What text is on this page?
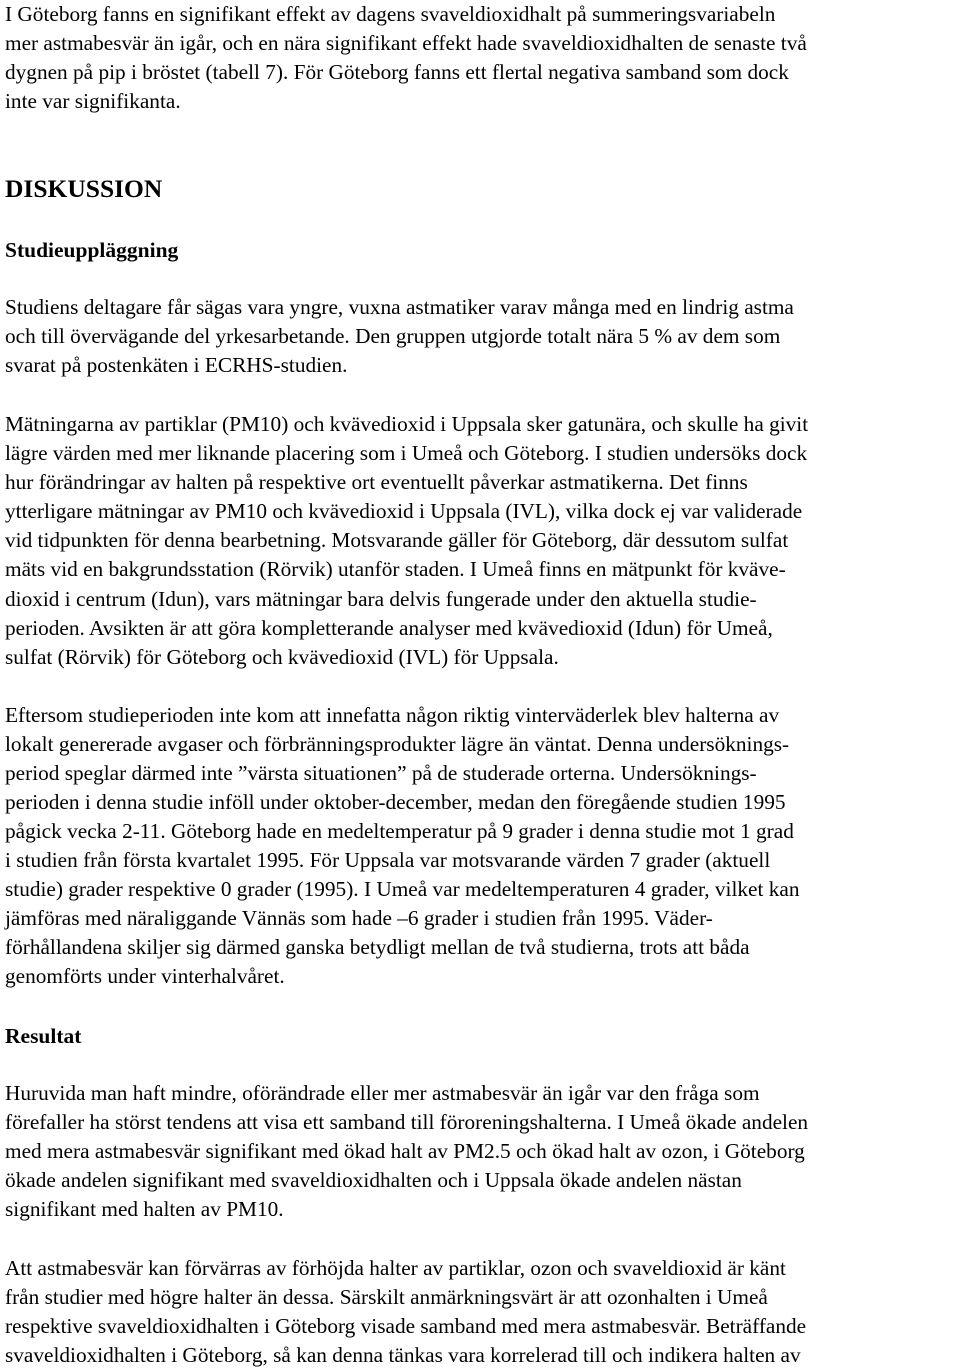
I Göteborg fanns en signifikant effekt av dagens svaveldioxidhalt på summeringsvariabeln
mer astmabesvär än igår, och en nära signifikant effekt hade svaveldioxidhalten de senaste två
dygnen på pip i bröstet (tabell 7). För Göteborg fanns ett flertal negativa samband som dock
inte var signifikanta.
DISKUSSION
Studieuppläggning
Studiens deltagare får sägas vara yngre, vuxna astmatiker varav många med en lindrig astma
och till övervägande del yrkesarbetande. Den gruppen utgjorde totalt nära 5 % av dem som
svarat på postenkäten i ECRHS-studien.
Mätningarna av partiklar (PM10) och kvävedioxid i Uppsala sker gatunära, och skulle ha givit
lägre värden med mer liknande placering som i Umeå och Göteborg. I studien undersöks dock
hur förändringar av halten på respektive ort eventuellt påverkar astmatikerna. Det finns
ytterligare mätningar av PM10 och kvävedioxid i Uppsala (IVL), vilka dock ej var validerade
vid tidpunkten för denna bearbetning. Motsvarande gäller för Göteborg, där dessutom sulfat
mäts vid en bakgrundsstation (Rörvik) utanför staden. I Umeå finns en mätpunkt för kväve-
dioxid i centrum (Idun), vars mätningar bara delvis fungerade under den aktuella studie-
perioden. Avsikten är att göra kompletterande analyser med kvävedioxid (Idun) för Umeå,
sulfat (Rörvik) för Göteborg och kvävedioxid (IVL) för Uppsala.
Eftersom studieperioden inte kom att innefatta någon riktig vinterväderlek blev halterna av
lokalt genererade avgaser och förbränningsprodukter lägre än väntat. Denna undersöknings-
period speglar därmed inte ”värsta situationen” på de studerade orterna. Undersöknings-
perioden i denna studie inföll under oktober-december, medan den föregående studien 1995
pågick vecka 2-11. Göteborg hade en medeltemperatur på 9 grader i denna studie mot 1 grad
i studien från första kvartalet 1995. För Uppsala var motsvarande värden 7 grader (aktuell
studie) grader respektive 0 grader (1995). I Umeå var medeltemperaturen 4 grader, vilket kan
jämföras med näraliggande Vännäs som hade –6 grader i studien från 1995. Väder-
förhållandena skiljer sig därmed ganska betydligt mellan de två studierna, trots att båda
genomförts under vinterhalvåret.
Resultat
Huruvida man haft mindre, oförändrade eller mer astmabesvär än igår var den fråga som
förefaller ha störst tendens att visa ett samband till föroreningshalterna. I Umeå ökade andelen
med mera astmabesvär signifikant med ökad halt av PM2.5 och ökad halt av ozon, i Göteborg
ökade andelen signifikant med svaveldioxidhalten och i Uppsala ökade andelen nästan
signifikant med halten av PM10.
Att astmabesvär kan förvärras av förhöjda halter av partiklar, ozon och svaveldioxid är känt
från studier med högre halter än dessa. Särskilt anmärkningsvärt är att ozonhalten i Umeå
respektive svaveldioxidhalten i Göteborg visade samband med mera astmabesvär. Beträffande
svaveldioxidhalten i Göteborg, så kan denna tänkas vara korrelerad till och indikera halten av
